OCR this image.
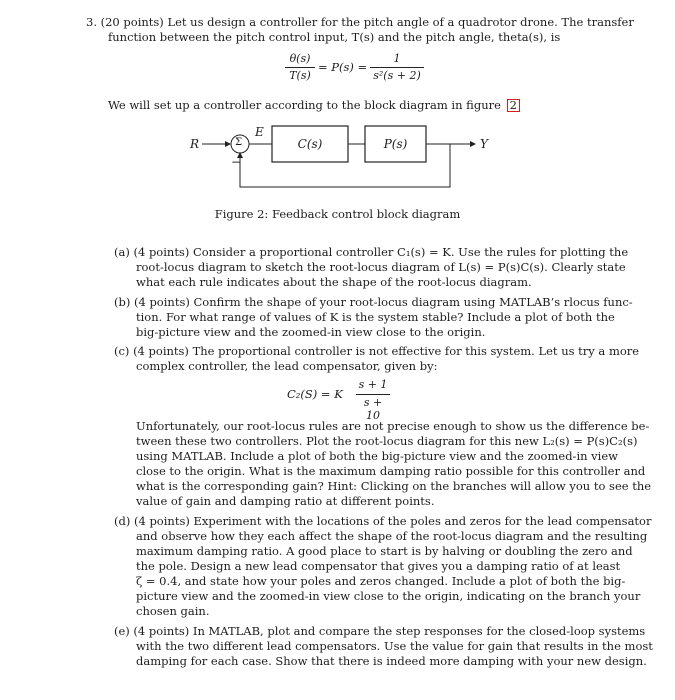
3. (20 points) Let us design a controller for the pitch angle of a quadrotor drone. The transfer
function between the pitch control input, T(s) and the pitch angle, theta(s), is
θ(s)
T(s)
= P(s) =
1
s²(s + 2)
We will set up a controller according to the block diagram in figure 2
R	Σ
E
C(s)	P(s)	Y
−
Figure 2: Feedback control block diagram
(a) (4 points) Consider a proportional controller C₁(s) = K. Use the rules for plotting the
root-locus diagram to sketch the root-locus diagram of L(s) = P(s)C(s). Clearly state
what each rule indicates about the shape of the root-locus diagram.
(b) (4 points) Confirm the shape of your root-locus diagram using MATLAB’s rlocus func-
tion. For what range of values of K is the system stable? Include a plot of both the
big-picture view and the zoomed-in view close to the origin.
(c) (4 points) The proportional controller is not effective for this system. Let us try a more
complex controller, the lead compensator, given by:
C₂(S) = K
s + 1
s + 10
Unfortunately, our root-locus rules are not precise enough to show us the difference be-
tween these two controllers. Plot the root-locus diagram for this new L₂(s) = P(s)C₂(s)
using MATLAB. Include a plot of both the big-picture view and the zoomed-in view
close to the origin. What is the maximum damping ratio possible for this controller and
what is the corresponding gain? Hint: Clicking on the branches will allow you to see the
value of gain and damping ratio at different points.
(d) (4 points) Experiment with the locations of the poles and zeros for the lead compensator
and observe how they each affect the shape of the root-locus diagram and the resulting
maximum damping ratio. A good place to start is by halving or doubling the zero and
the pole. Design a new lead compensator that gives you a damping ratio of at least
ζ = 0.4, and state how your poles and zeros changed. Include a plot of both the big-
picture view and the zoomed-in view close to the origin, indicating on the branch your
chosen gain.
(e) (4 points) In MATLAB, plot and compare the step responses for the closed-loop systems
with the two different lead compensators. Use the value for gain that results in the most
damping for each case. Show that there is indeed more damping with your new design.
